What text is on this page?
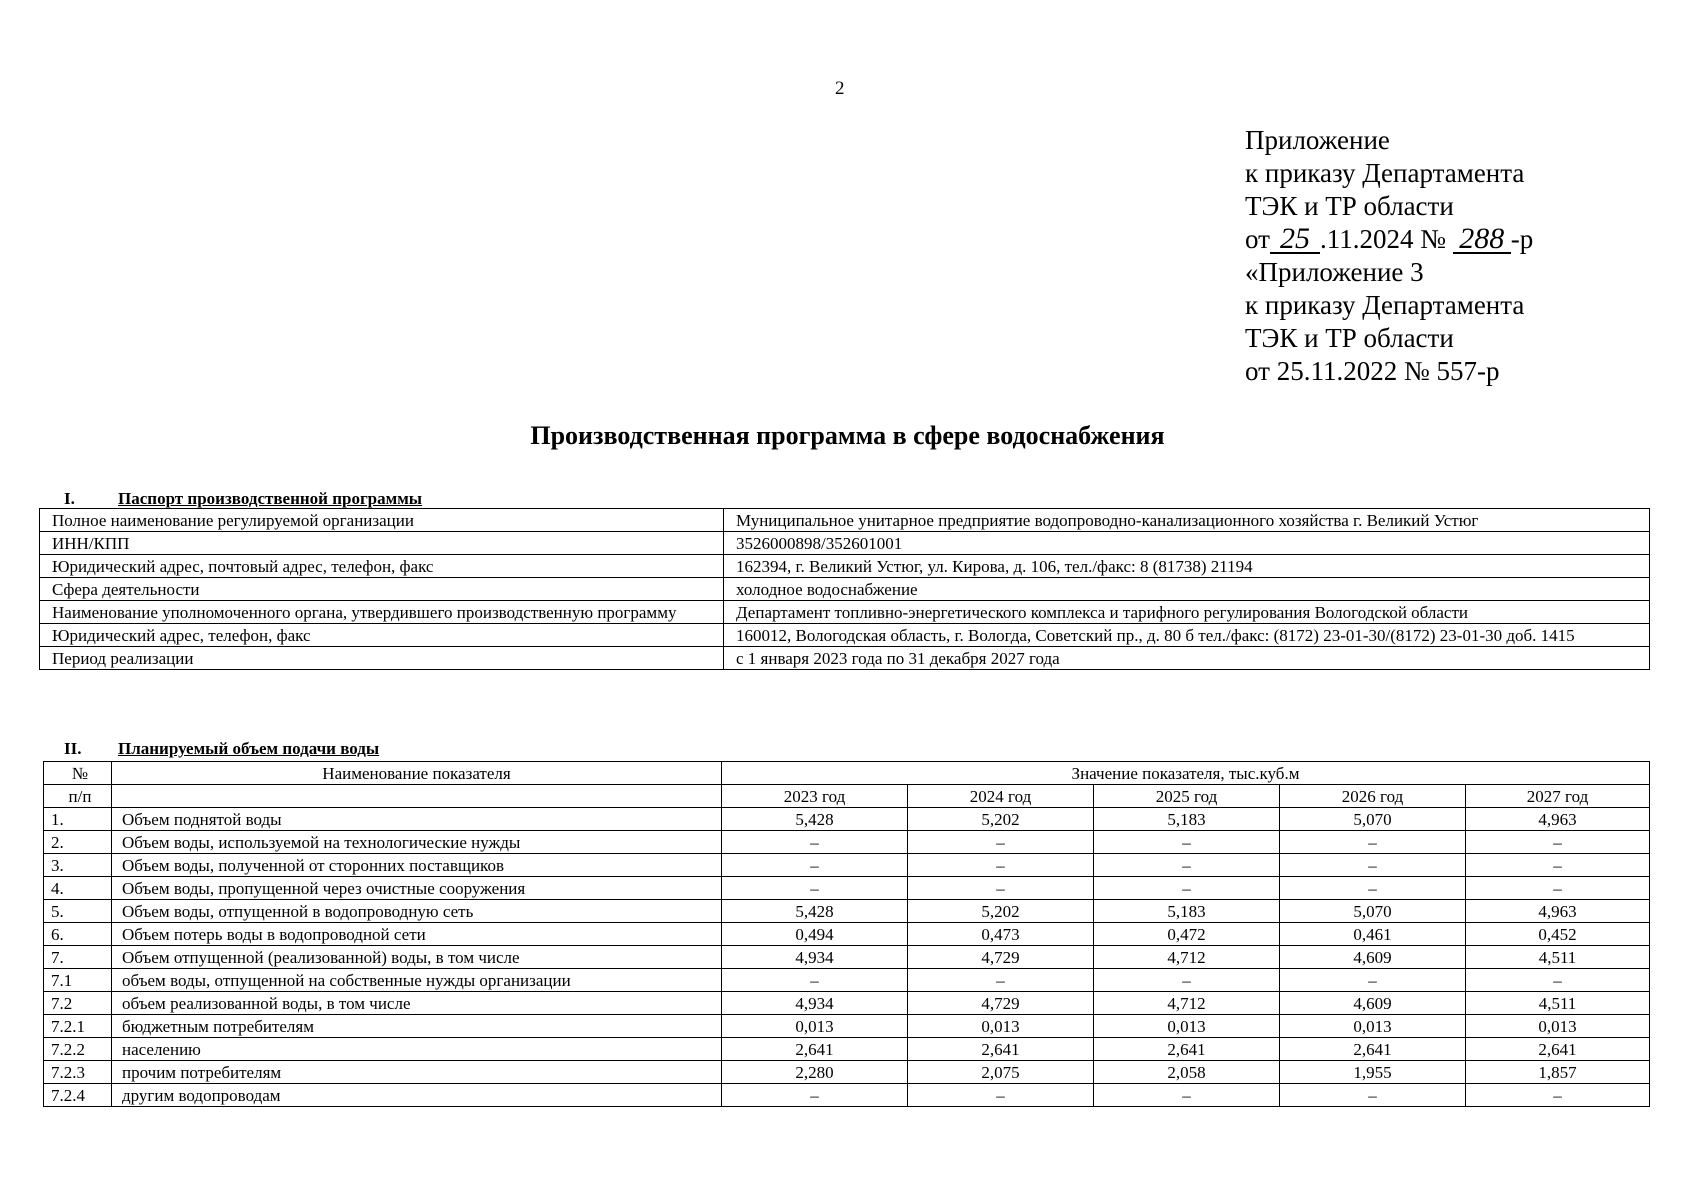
2
Приложение
к приказу Департамента
ТЭК и ТР области
от 25 .11.2024 № 288 -р
«Приложение 3
к приказу Департамента
ТЭК и ТР области
от 25.11.2022 № 557-р
Производственная программа в сфере водоснабжения
I.	Паспорт производственной программы
Полное наименование регулируемой организации	Муниципальное унитарное предприятие водопроводно-канализационного хозяйства г. Великий Устюг
ИНН/КПП	3526000898/352601001
Юридический адрес, почтовый адрес, телефон, факс	162394, г. Великий Устюг, ул. Кирова, д. 106, тел./факс: 8 (81738) 21194
Сфера деятельности	холодное водоснабжение
Наименование уполномоченного органа, утвердившего производственную программу	Департамент топливно-энергетического комплекса и тарифного регулирования Вологодской области
Юридический адрес, телефон, факс	160012, Вологодская область, г. Вологда, Советский пр., д. 80 б тел./факс: (8172) 23-01-30/(8172) 23-01-30 доб. 1415
Период реализации	с 1 января 2023 года по 31 декабря 2027 года
II. Планируемый объем подачи воды
№	Наименование показателя	Значение показателя, тыс.куб.м				
п/п		2023 год	2024 год	2025 год	2026 год	2027 год
1.	Объем поднятой воды	5,428	5,202	5,183	5,070	4,963
2.	Объем воды, используемой на технологические нужды	–	–	–	–	–
3.	Объем воды, полученной от сторонних поставщиков	–	–	–	–	–
4.	Объем воды, пропущенной через очистные сооружения	–	–	–	–	–
5.	Объем воды, отпущенной в водопроводную сеть	5,428	5,202	5,183	5,070	4,963
6.	Объем потерь воды в водопроводной сети	0,494	0,473	0,472	0,461	0,452
7.	Объем отпущенной (реализованной) воды, в том числе	4,934	4,729	4,712	4,609	4,511
7.1	объем воды, отпущенной на собственные нужды организации	–	–	–	–	–
7.2	объем реализованной воды, в том числе	4,934	4,729	4,712	4,609	4,511
7.2.1	бюджетным потребителям	0,013	0,013	0,013	0,013	0,013
7.2.2	населению	2,641	2,641	2,641	2,641	2,641
7.2.3	прочим потребителям	2,280	2,075	2,058	1,955	1,857
7.2.4	другим водопроводам	–	–	–	–	–
